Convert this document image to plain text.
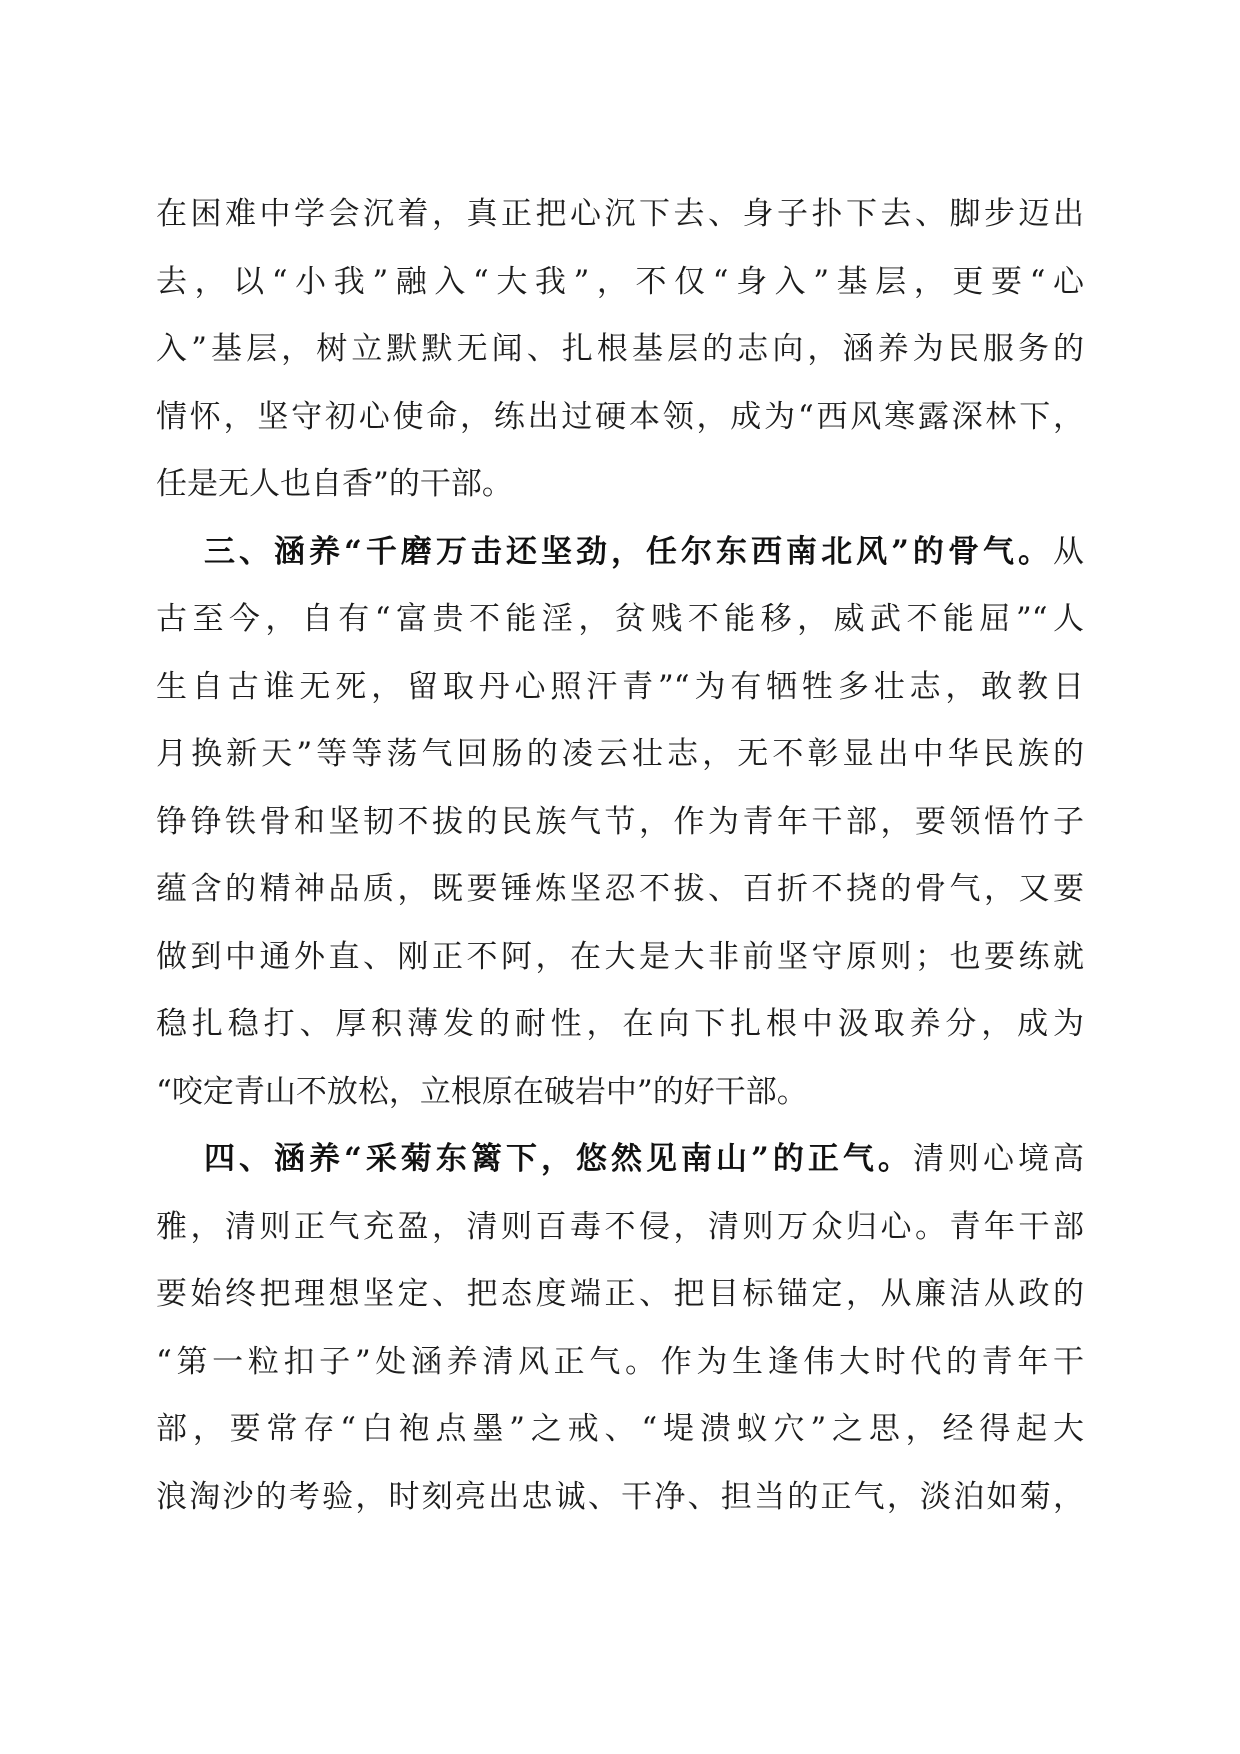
在困难中学会沉着，真正把心沉下去、身子扑下去、脚步迈出
去，以“小我”融入“大我”，不仅“身入”基层，更要“心
入”基层，树立默默无闻、扎根基层的志向，涵养为民服务的
情怀，坚守初心使命，练出过硬本领，成为“西风寒露深林下，
任是无人也自香”的干部。
三、涵养“千磨万击还坚劲，任尔东西南北风”的骨气。从
古至今，自有“富贵不能淫，贫贱不能移，威武不能屈”“人
生自古谁无死，留取丹心照汗青”“为有牺牲多壮志，敢教日
月换新天”等等荡气回肠的凌云壮志，无不彰显出中华民族的
铮铮铁骨和坚韧不拔的民族气节，作为青年干部，要领悟竹子
蕴含的精神品质，既要锤炼坚忍不拔、百折不挠的骨气，又要
做到中通外直、刚正不阿，在大是大非前坚守原则；也要练就
稳扎稳打、厚积薄发的耐性，在向下扎根中汲取养分，成为
“咬定青山不放松，立根原在破岩中”的好干部。
四、涵养“采菊东篱下，悠然见南山”的正气。清则心境高
雅，清则正气充盈，清则百毒不侵，清则万众归心。青年干部
要始终把理想坚定、把态度端正、把目标锚定，从廉洁从政的
“第一粒扣子”处涵养清风正气。作为生逢伟大时代的青年干
部，要常存“白袍点墨”之戒、“堤溃蚁穴”之思，经得起大
浪淘沙的考验，时刻亮出忠诚、干净、担当的正气，淡泊如菊，
